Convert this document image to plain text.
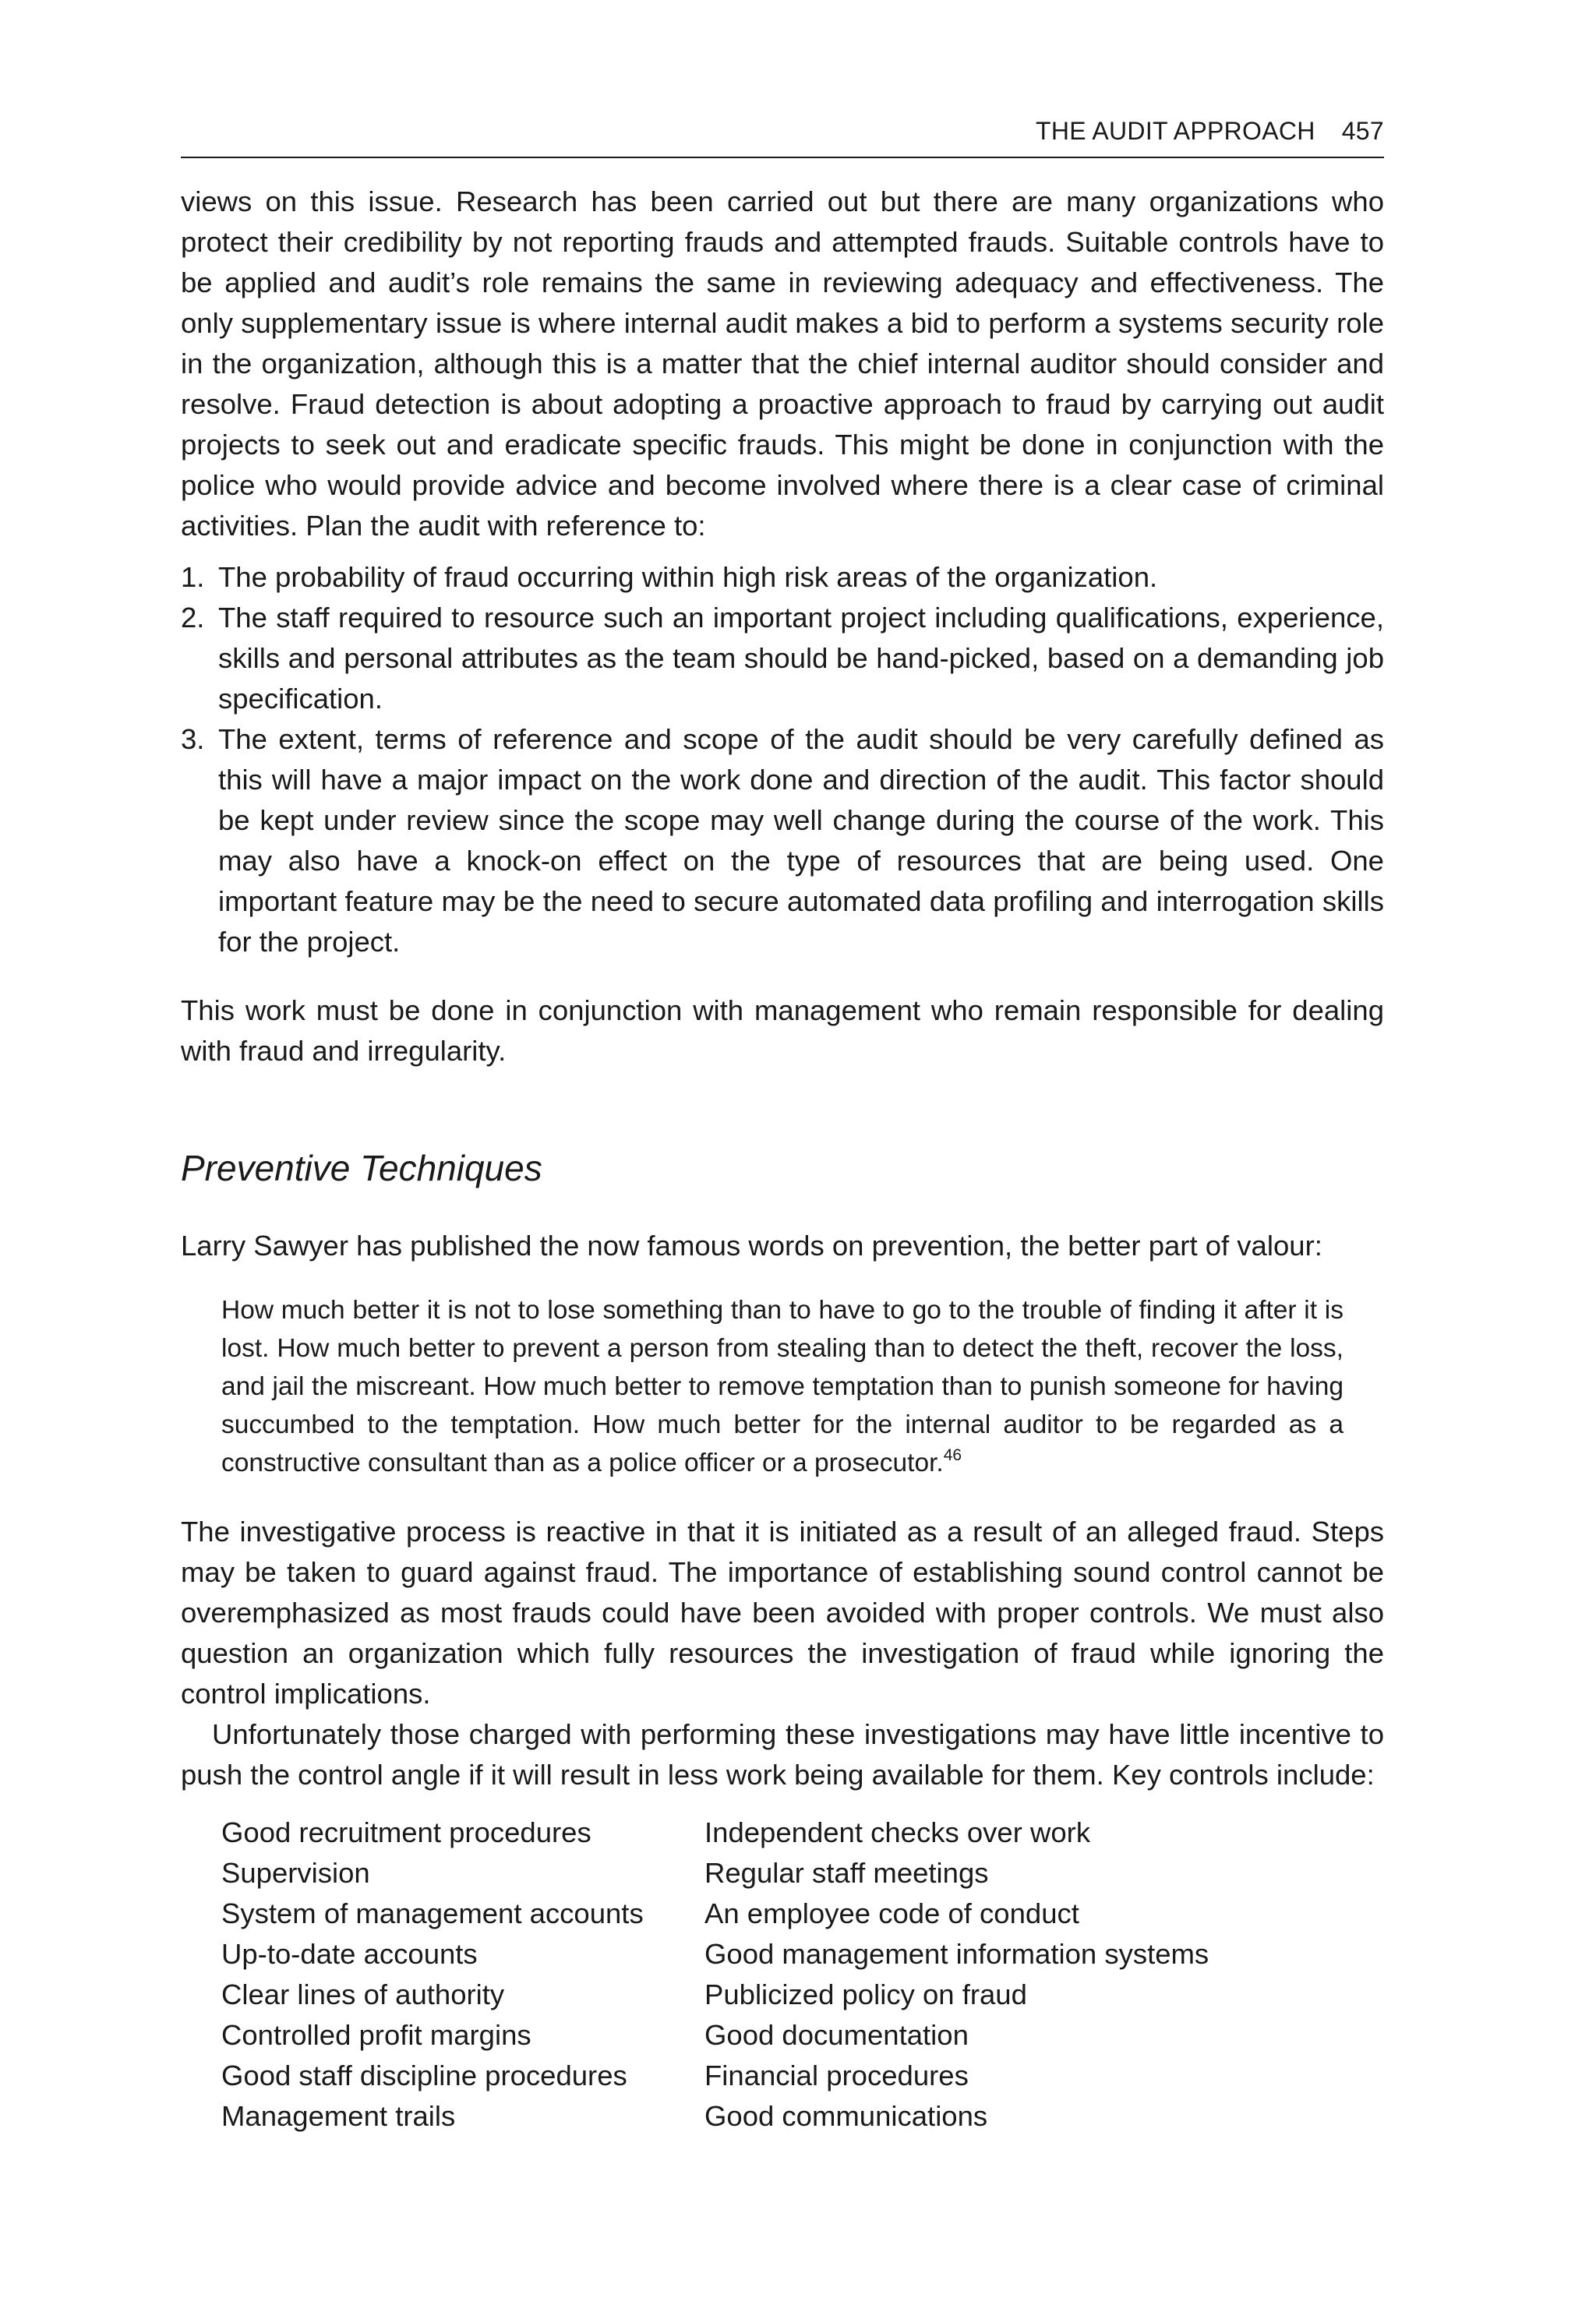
THE AUDIT APPROACH 457

views on this issue. Research has been carried out but there are many organizations who protect their credibility by not reporting frauds and attempted frauds. Suitable controls have to be applied and audit’s role remains the same in reviewing adequacy and effectiveness. The only supplementary issue is where internal audit makes a bid to perform a systems security role in the organization, although this is a matter that the chief internal auditor should consider and resolve. Fraud detection is about adopting a proactive approach to fraud by carrying out audit projects to seek out and eradicate specific frauds. This might be done in conjunction with the police who would provide advice and become involved where there is a clear case of criminal activities. Plan the audit with reference to:

1. The probability of fraud occurring within high risk areas of the organization.
2. The staff required to resource such an important project including qualifications, experience, skills and personal attributes as the team should be hand-picked, based on a demanding job specification.
3. The extent, terms of reference and scope of the audit should be very carefully defined as this will have a major impact on the work done and direction of the audit. This factor should be kept under review since the scope may well change during the course of the work. This may also have a knock-on effect on the type of resources that are being used. One important feature may be the need to secure automated data profiling and interrogation skills for the project.

This work must be done in conjunction with management who remain responsible for dealing with fraud and irregularity.

Preventive Techniques

Larry Sawyer has published the now famous words on prevention, the better part of valour:

How much better it is not to lose something than to have to go to the trouble of finding it after it is lost. How much better to prevent a person from stealing than to detect the theft, recover the loss, and jail the miscreant. How much better to remove temptation than to punish someone for having succumbed to the temptation. How much better for the internal auditor to be regarded as a constructive consultant than as a police officer or a prosecutor.$^{46}$

The investigative process is reactive in that it is initiated as a result of an alleged fraud. Steps may be taken to guard against fraud. The importance of establishing sound control cannot be overemphasized as most frauds could have been avoided with proper controls. We must also question an organization which fully resources the investigation of fraud while ignoring the control implications.

Unfortunately those charged with performing these investigations may have little incentive to push the control angle if it will result in less work being available for them. Key controls include:

Good recruitment procedures	Independent checks over work
Supervision	Regular staff meetings
System of management accounts	An employee code of conduct
Up-to-date accounts	Good management information systems
Clear lines of authority	Publicized policy on fraud
Controlled profit margins	Good documentation
Good staff discipline procedures	Financial procedures
Management trails	Good communications
